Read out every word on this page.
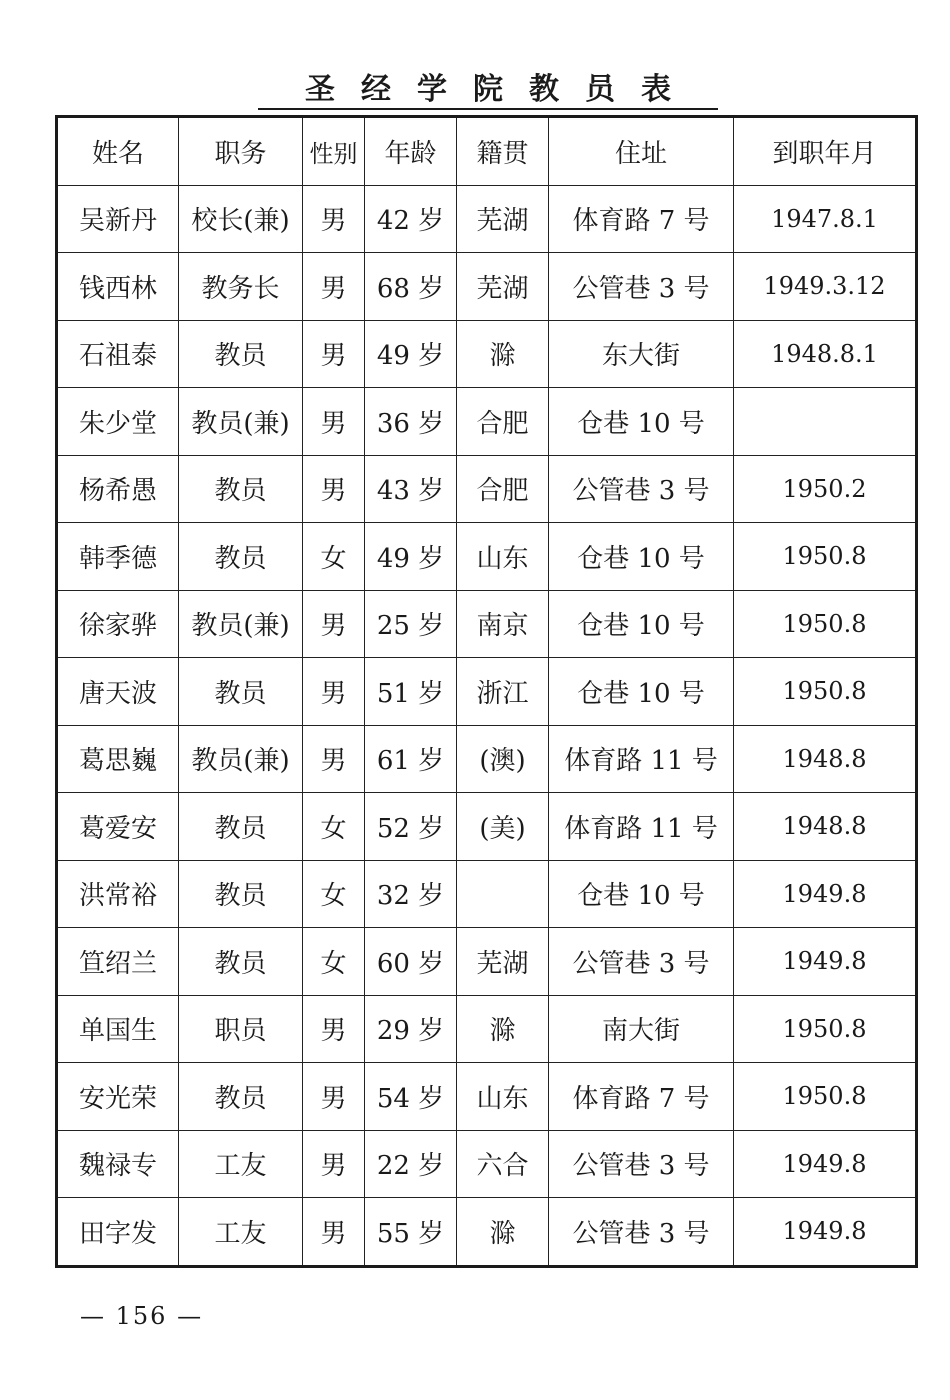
圣经学院教员表
姓名	职务	性别	年龄	籍贯	住址	到职年月
吴新丹	校长(兼)	男	42 岁	芜湖	体育路 7 号	1947.8.1
钱西林	教务长	男	68 岁	芜湖	公管巷 3 号	1949.3.12
石祖泰	教员	男	49 岁	滁	东大街	1948.8.1
朱少堂	教员(兼)	男	36 岁	合肥	仓巷 10 号	
杨希愚	教员	男	43 岁	合肥	公管巷 3 号	1950.2
韩季德	教员	女	49 岁	山东	仓巷 10 号	1950.8
徐家骅	教员(兼)	男	25 岁	南京	仓巷 10 号	1950.8
唐天波	教员	男	51 岁	浙江	仓巷 10 号	1950.8
葛思巍	教员(兼)	男	61 岁	(澳)	体育路 11 号	1948.8
葛爱安	教员	女	52 岁	(美)	体育路 11 号	1948.8
洪常裕	教员	女	32 岁		仓巷 10 号	1949.8
笪绍兰	教员	女	60 岁	芜湖	公管巷 3 号	1949.8
单国生	职员	男	29 岁	滁	南大街	1950.8
安光荣	教员	男	54 岁	山东	体育路 7 号	1950.8
魏禄专	工友	男	22 岁	六合	公管巷 3 号	1949.8
田字发	工友	男	55 岁	滁	公管巷 3 号	1949.8
— 156 —
